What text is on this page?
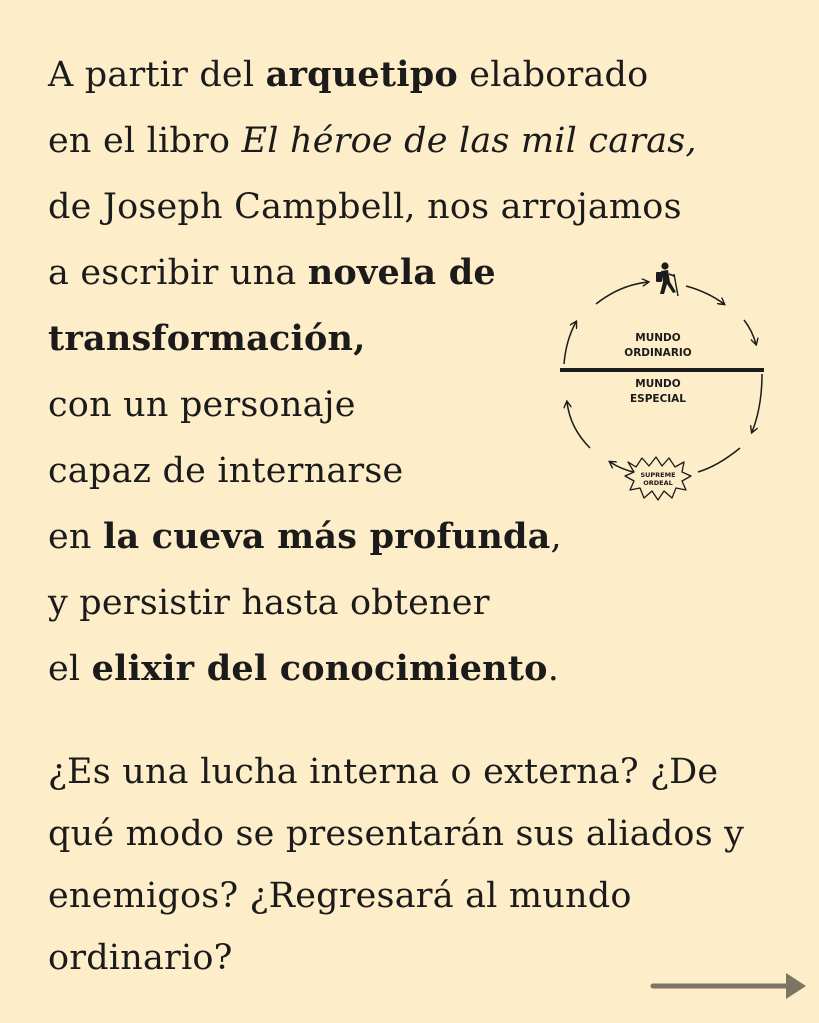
A partir del arquetipo elaborado
en el libro El héroe de las mil caras,
de Joseph Campbell, nos arrojamos
a escribir una novela de
transformación,
con un personaje
capaz de internarse
en la cueva más profunda,
y persistir hasta obtener
el elixir del conocimiento.
MUNDO
ORDINARIO
MUNDO
ESPECIAL
SUPREME
ORDEAL
¿Es una lucha interna o externa? ¿De
qué modo se presentarán sus aliados y
enemigos? ¿Regresará al mundo
ordinario?
